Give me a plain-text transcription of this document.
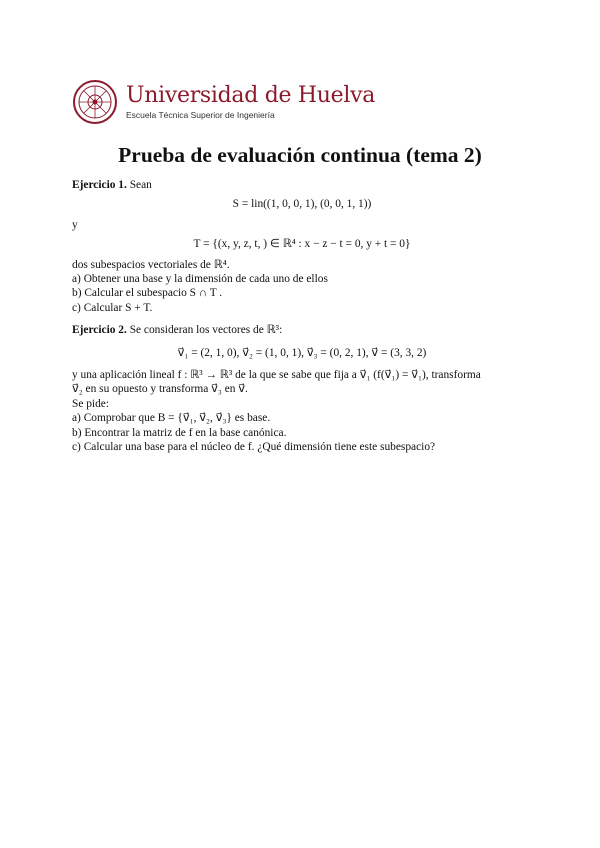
Universidad de Huelva
Escuela Técnica Superior de Ingeniería
Prueba de evaluación continua (tema 2)
Ejercicio 1. Sean
S = lin((1, 0, 0, 1), (0, 0, 1, 1))
y
T = {(x, y, z, t, ) ∈ ℝ⁴ : x − z − t = 0, y + t = 0}
dos subespacios vectoriales de ℝ⁴.
a) Obtener una base y la dimensión de cada uno de ellos
b) Calcular el subespacio S ∩ T .
c) Calcular S + T.
Ejercicio 2. Se consideran los vectores de ℝ³:
v⃗₁ = (2, 1, 0), v⃗₂ = (1, 0, 1), v⃗₃ = (0, 2, 1), v⃗ = (3, 3, 2)
y una aplicación lineal f : ℝ³ → ℝ³ de la que se sabe que fija a v⃗₁ (f(v⃗₁) = v⃗₁), transforma
v⃗₂ en su opuesto y transforma v⃗₃ en v⃗.
Se pide:
a) Comprobar que B = {v⃗₁, v⃗₂, v⃗₃} es base.
b) Encontrar la matriz de f en la base canónica.
c) Calcular una base para el núcleo de f. ¿Qué dimensión tiene este subespacio?
